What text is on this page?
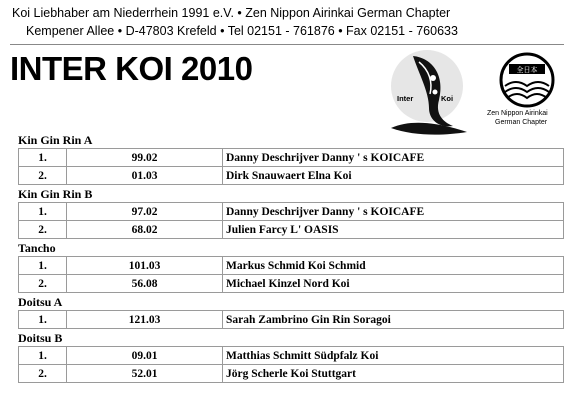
Koi Liebhaber am Niederrhein 1991 e.V. • Zen Nippon Airinkai German Chapter
Kempener Allee • D-47803 Krefeld • Tel 02151 - 761876 • Fax 02151 - 760633
INTER KOI 2010
Inter	Koi
全日本
Zen Nippon Airinkai
German Chapter
Kin Gin Rin A
1.	99.02	Danny Deschrijver Danny ' s KOICAFE
2.	01.03	Dirk Snauwaert Elna Koi
Kin Gin Rin B
1.	97.02	Danny Deschrijver Danny ' s KOICAFE
2.	68.02	Julien Farcy L' OASIS
Tancho
1.	101.03	Markus Schmid Koi Schmid
2.	56.08	Michael Kinzel Nord Koi
Doitsu A
1.	121.03	Sarah Zambrino Gin Rin Soragoi
Doitsu B
1.	09.01	Matthias Schmitt Südpfalz Koi
2.	52.01	Jörg Scherle Koi Stuttgart
